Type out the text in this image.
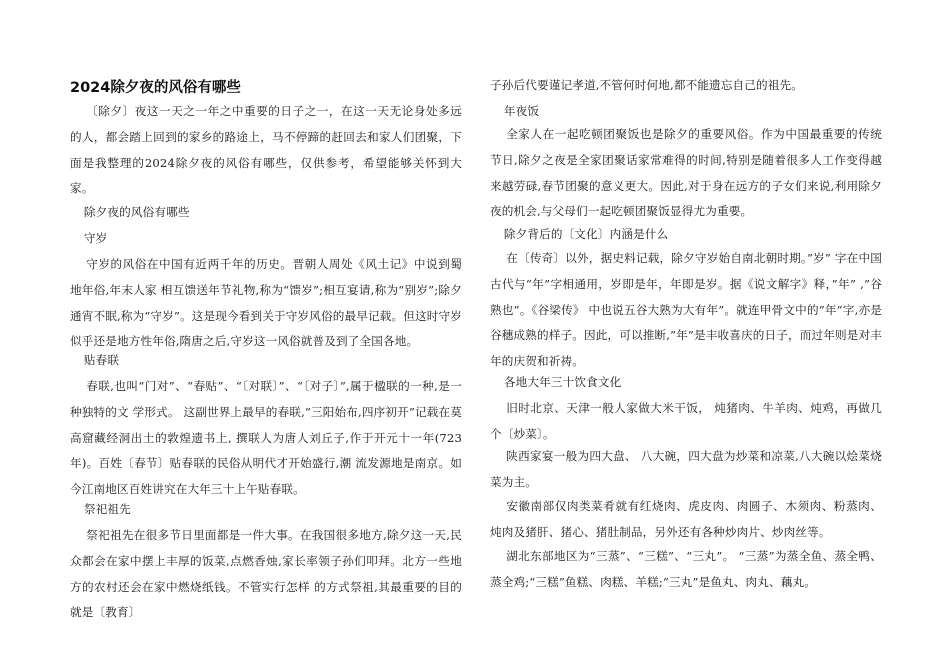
2024除夕夜的风俗有哪些

〔除夕〕夜这一天之一年之中重要的日子之一，在这一天无论身处多远的人，都会踏上回到的家乡的路途上，马不停蹄的赶回去和家人们团聚，下面是我整理的2024除夕夜的风俗有哪些，仅供参考，希望能够关怀到大家。

除夕夜的风俗有哪些

守岁

守岁的风俗在中国有近两千年的历史。晋朝人周处《风土记》中说到蜀地年俗,年末人家 相互馈送年节礼物,称为“馈岁”;相互宴请,称为“别岁”;除夕通宵不眠,称为“守岁”。这是现今看到关于守岁风俗的最早记载。但这时守岁似乎还是地方性年俗,隋唐之后,守岁这一风俗就普及到了全国各地。

贴春联

春联,也叫“门对”、“春贴”、“〔对联〕”、“〔对子〕”,属于楹联的一种,是一种独特的文 学形式。 这副世界上最早的春联,“三阳始布,四序初开”记载在莫高窟藏经洞出土的敦煌遗书上, 撰联人为唐人刘丘子,作于开元十一年(723年)。百姓〔春节〕贴春联的民俗从明代才开始盛行,潮 流发源地是南京。如今江南地区百姓讲究在大年三十上午贴春联。

祭祀祖先

祭祀祖先在很多节日里面都是一件大事。在我国很多地方,除夕这一天,民众都会在家中摆上丰厚的饭菜,点燃香烛,家长率领子孙们叩拜。北方一些地方的农村还会在家中燃烧纸钱。不管实行怎样 的方式祭祖,其最重要的目的就是〔教育〕

子孙后代要谨记孝道,不管何时何地,都不能遗忘自己的祖先。

年夜饭

全家人在一起吃顿团聚饭也是除夕的重要风俗。作为中国最重要的传统节日,除夕之夜是全家团聚话家常难得的时间,特别是随着很多人工作变得越来越劳碌,春节团聚的意义更大。因此,对于身在远方的子女们来说,利用除夕夜的机会,与父母们一起吃顿团聚饭显得尤为重要。

除夕背后的〔文化〕内涵是什么

在〔传奇〕以外，据史料记载，除夕守岁始自南北朝时期。”岁” 字在中国古代与“年”字相通用，岁即是年，年即是岁。据《说文解字》释，”年” ,”谷熟也”。《谷梁传》 中也说五谷大熟为大有年”。就连甲骨文中的”年”字,亦是谷穗成熟的样子。因此，可以推断,”年”是丰收喜庆的日子，而过年则是对丰年的庆贺和祈祷。

各地大年三十饮食文化

旧时北京、天津一般人家做大米干饭， 炖猪肉、牛羊肉、炖鸡，再做几个〔炒菜〕。

陕西家宴一般为四大盘、 八大碗，四大盘为炒菜和凉菜,八大碗以烩菜烧菜为主。

安徽南部仅肉类菜肴就有红烧肉、虎皮肉、肉圆子、木须肉、粉蒸肉、炖肉及猪肝、猪心、猪肚制品，另外还有各种炒肉片、炒肉丝等。

湖北东部地区为“三蒸”、“三糕”、“三丸”。 “三蒸”为蒸全鱼、蒸全鸭、蒸全鸡;“三糕”鱼糕、肉糕、羊糕;“三丸”是鱼丸、肉丸、藕丸。
